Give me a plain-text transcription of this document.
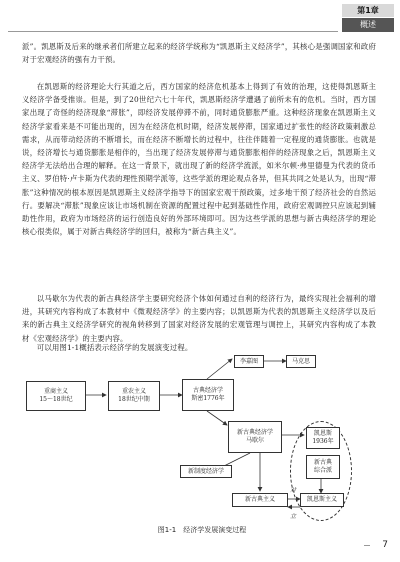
第1章
概述
派”。凯恩斯及后来的继承者们所建立起来的经济学统称为“凯恩斯主义经济学”，其核心是强调国家和政府对于宏观经济的强有力干预。
在凯恩斯的经济理论大行其道之后，西方国家的经济危机基本上得到了有效的治理，这使得凯恩斯主义经济学备受推崇。但是，到了20世纪六七十年代，凯恩斯经济学遭遇了前所未有的危机。当时，西方国家出现了奇怪的经济现象“滞胀”，即经济发展停滞不前，同时通货膨胀严重。这种经济现象在凯恩斯主义经济学家看来是不可能出现的，因为在经济危机时期，经济发展停滞，国家通过扩张性的经济政策刺激总需求，从而带动经济的不断增长，而在经济不断增长的过程中，往往伴随着一定程度的通货膨胀。也就是说，经济增长与通货膨胀是相伴的，当出现了经济发展停滞与通货膨胀相伴的经济现象之后，凯恩斯主义经济学无法给出合理的解释。在这一背景下，就出现了新的经济学流派，如米尔顿·弗里德曼为代表的货币主义、罗伯特·卢卡斯为代表的理性预期学派等，这些学派的理论观点各异，但其共同之处是认为，出现“滞胀”这种情况的根本原因是凯恩斯主义经济学指导下的国家宏观干预政策，过多地干预了经济社会的自然运行。要解决“滞胀”现象应该让市场机制在资源的配置过程中起到基础性作用，政府宏观调控只应该起到辅助性作用，政府为市场经济的运行创造良好的外部环境即可。因为这些学派的思想与新古典经济学的理论核心很类似，属于对新古典经济学的回归，被称为“新古典主义”。
以马歇尔为代表的新古典经济学主要研究经济个体如何通过自利的经济行为，最终实现社会福利的增进，其研究内容构成了本教材中《微观经济学》的主要内容；以凯恩斯为代表的凯恩斯主义经济学以及后来的新古典主义经济学研究的视角转移到了国家对经济发展的宏观管理与调控上，其研究内容构成了本教材《宏观经济学》的主要内容。
可以用图1-1概括表示经济学的发展演变过程。
重商主义
15～18世纪
重农主义
18世纪中期
古典经济学
斯密1776年
李嘉图	马克思
新古典经济学
马歇尔
凯恩斯
1936年
新古典
综合派
新制度经济学
新古典主义	凯恩斯主义
对
立
图1-1　经济学发展演变过程
7
